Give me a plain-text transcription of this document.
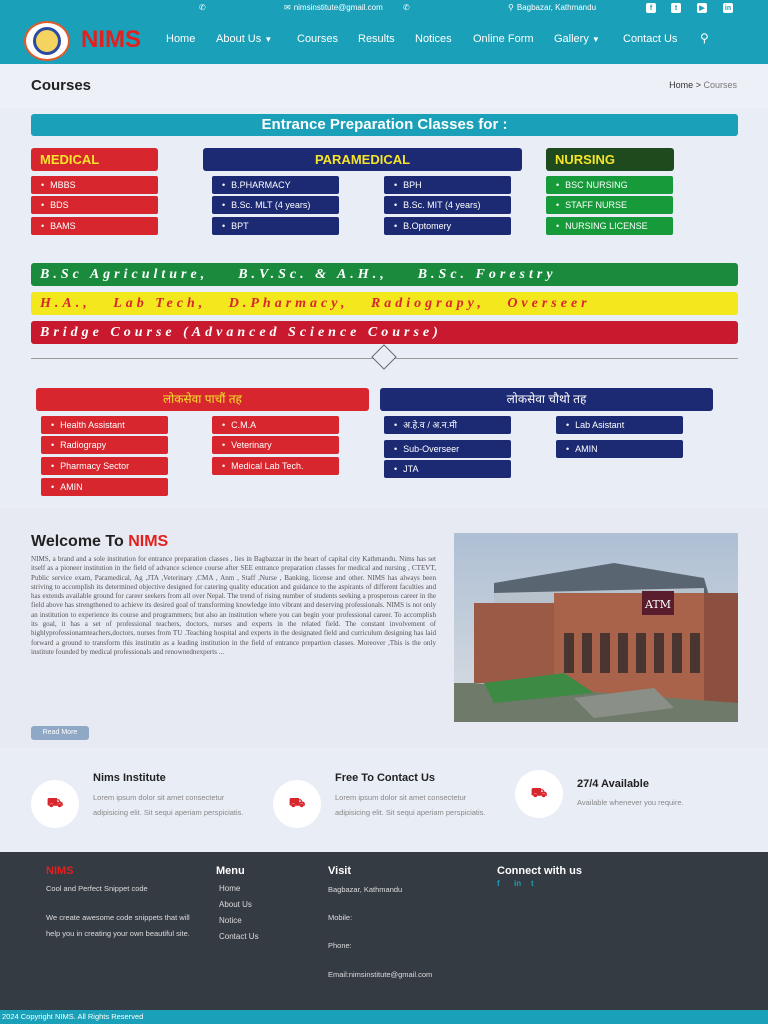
✆	✉ nimsinstitute@gmail.com	✆	⚲ Bagbazar, Kathmandu	f	t	▶	in
NIMS Home About Us ▼ Courses Results Notices Online Form Gallery ▼ Contact Us ⚲
Courses	Home > Courses
Entrance Preparation Classes for :
MEDICAL
• MBBS
• BDS
• BAMS
PARAMEDICAL
• B.PHARMACY
• B.Sc. MLT (4 years)
• BPT
• BPH
• B.Sc. MIT (4 years)
• B.Optomery
NURSING
• BSC NURSING
• STAFF NURSE
• NURSING LICENSE
B.Sc Agriculture,    B.V.Sc. & A.H.,    B.Sc. Forestry
H.A.,   Lab Tech,   D.Pharmacy,   Radiograpy,   Overseer
Bridge Course (Advanced Science Course)
लोकसेवा पाचौं तह
• Health Assistant
• Radiograpy
• Pharmacy Sector
• AMIN
• C.M.A
• Veterinary
• Medical Lab Tech.
लोकसेवा चौथो तह
• अ.हे.व / अ.न.मी
• Sub-Overseer
• JTA
• Lab Asistant
• AMIN
Welcome To NIMS
NIMS, a brand and a sole institution for entrance preparation classes , lies in Bagbazzar in the heart of capital city Kathmandu. Nims has set itself as a pioneer institution in the field of advance science course after SEE entrance preparation classes for medical and nursing , CTEVT, Public service exam, Paramedical, Ag ,JTA ,Veterinary ,CMA , Anm , Staff ,Nurse , Banking, license and other. NIMS has always been striving to accomplish its determined objective designed for catering quality education and guidance to the aspirants of different faculties and has extends available ground for career seekers from all over Nepal. The trend of rising number of students seeking a prosperous career in the field above has strengthened to achieve its desired goal of transforming knowledge into vibrant and deserving professionals. NIMS is not only an institution to experience its course and programmers; but also an institution where you can begin your professional career. To accomplish its goal, it has a set of professional teachers, doctors, nurses and experts in the related field. The constant involvement of highlyprofessionamteachers,doctors, nurses from TU .Teaching hospital and experts in the designated field and curriculum designing has laid forward a ground to transform this institutin as a leading institution in the field of entrance prepartion classes. Moreover ,This is the only institute founded by medical professionals and renownednexperts ...
Read More
ATM
⛟
Nims Institute
Lorem ipsum dolor sit amet consectetur adipisicing elit. Sit sequi aperiam perspiciatis.
⛟
Free To Contact Us
Lorem ipsum dolor sit amet consectetur adipisicing elit. Sit sequi aperiam perspiciatis.
⛟
27/4 Available
Available whenever you require.
NIMS
Cool and Perfect Snippet code
We create awesome code snippets that will
help you in creating your own beautiful site.
Menu
Home
About Us
Notice
Contact Us
Visit
Bagbazar, Kathmandu
Mobile:
Phone:
Email:nimsinstitute@gmail.com
Connect with us
f in t
2024 Copyright NIMS. All Rights Reserved
